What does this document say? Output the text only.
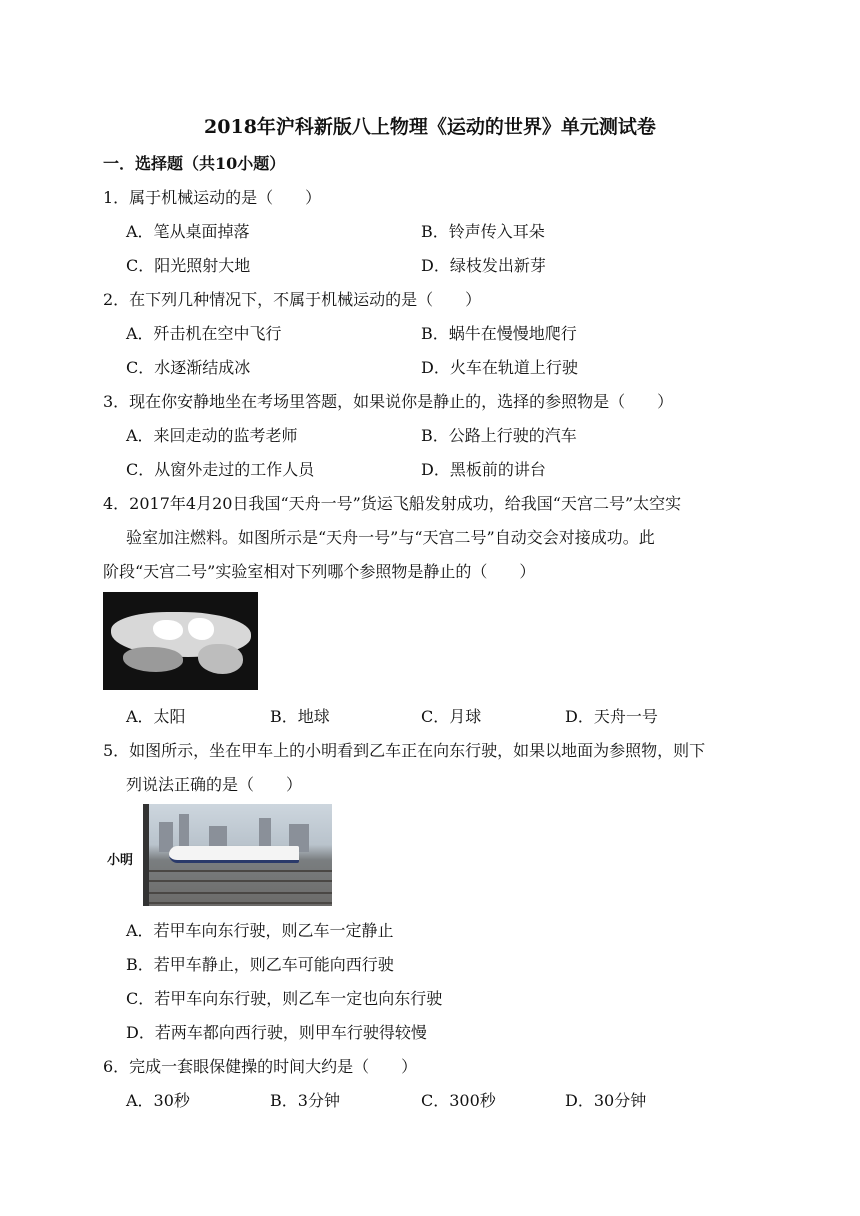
2018年沪科新版八上物理《运动的世界》单元测试卷
一．选择题（共10小题）
1．属于机械运动的是（　　）
A．笔从桌面掉落	B．铃声传入耳朵
C．阳光照射大地	D．绿枝发出新芽
2．在下列几种情况下，不属于机械运动的是（　　）
A．歼击机在空中飞行	B．蜗牛在慢慢地爬行
C．水逐渐结成冰	D．火车在轨道上行驶
3．现在你安静地坐在考场里答题，如果说你是静止的，选择的参照物是（　　）
A．来回走动的监考老师	B．公路上行驶的汽车
C．从窗外走过的工作人员	D．黑板前的讲台
4．2017年4月20日我国“天舟一号”货运飞船发射成功，给我国“天宫二号”太空实
验室加注燃料。如图所示是“天舟一号”与“天宫二号”自动交会对接成功。此
阶段“天宫二号”实验室相对下列哪个参照物是静止的（　　）
A．太阳	B．地球	C．月球	D．天舟一号
5．如图所示，坐在甲车上的小明看到乙车正在向东行驶，如果以地面为参照物，则下
列说法正确的是（　　）
小明
A．若甲车向东行驶，则乙车一定静止
B．若甲车静止，则乙车可能向西行驶
C．若甲车向东行驶，则乙车一定也向东行驶
D．若两车都向西行驶，则甲车行驶得较慢
6．完成一套眼保健操的时间大约是（　　）
A．30秒	B．3分钟	C．300秒	D．30分钟
